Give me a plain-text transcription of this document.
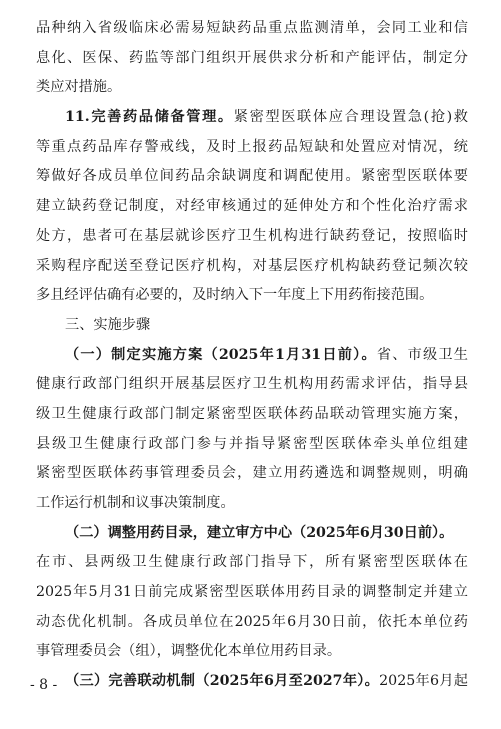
品种纳入省级临床必需易短缺药品重点监测清单，会同工业和信
息化、医保、药监等部门组织开展供求分析和产能评估，制定分
类应对措施。
11.完善药品储备管理。紧密型医联体应合理设置急(抢)救
等重点药品库存警戒线，及时上报药品短缺和处置应对情况，统
筹做好各成员单位间药品余缺调度和调配使用。紧密型医联体要
建立缺药登记制度，对经审核通过的延伸处方和个性化治疗需求
处方，患者可在基层就诊医疗卫生机构进行缺药登记，按照临时
采购程序配送至登记医疗机构，对基层医疗机构缺药登记频次较
多且经评估确有必要的，及时纳入下一年度上下用药衔接范围。
三、实施步骤
（一）制定实施方案（2025年1月31日前）。省、市级卫生
健康行政部门组织开展基层医疗卫生机构用药需求评估，指导县
级卫生健康行政部门制定紧密型医联体药品联动管理实施方案，
县级卫生健康行政部门参与并指导紧密型医联体牵头单位组建
紧密型医联体药事管理委员会，建立用药遴选和调整规则，明确
工作运行机制和议事决策制度。
（二）调整用药目录，建立审方中心（2025年6月30日前）。
在市、县两级卫生健康行政部门指导下，所有紧密型医联体在
2025年5月31日前完成紧密型医联体用药目录的调整制定并建立
动态优化机制。各成员单位在2025年6月30日前，依托本单位药
事管理委员会（组），调整优化本单位用药目录。
（三）完善联动机制（2025年6月至2027年）。2025年6月起
- 8 -
